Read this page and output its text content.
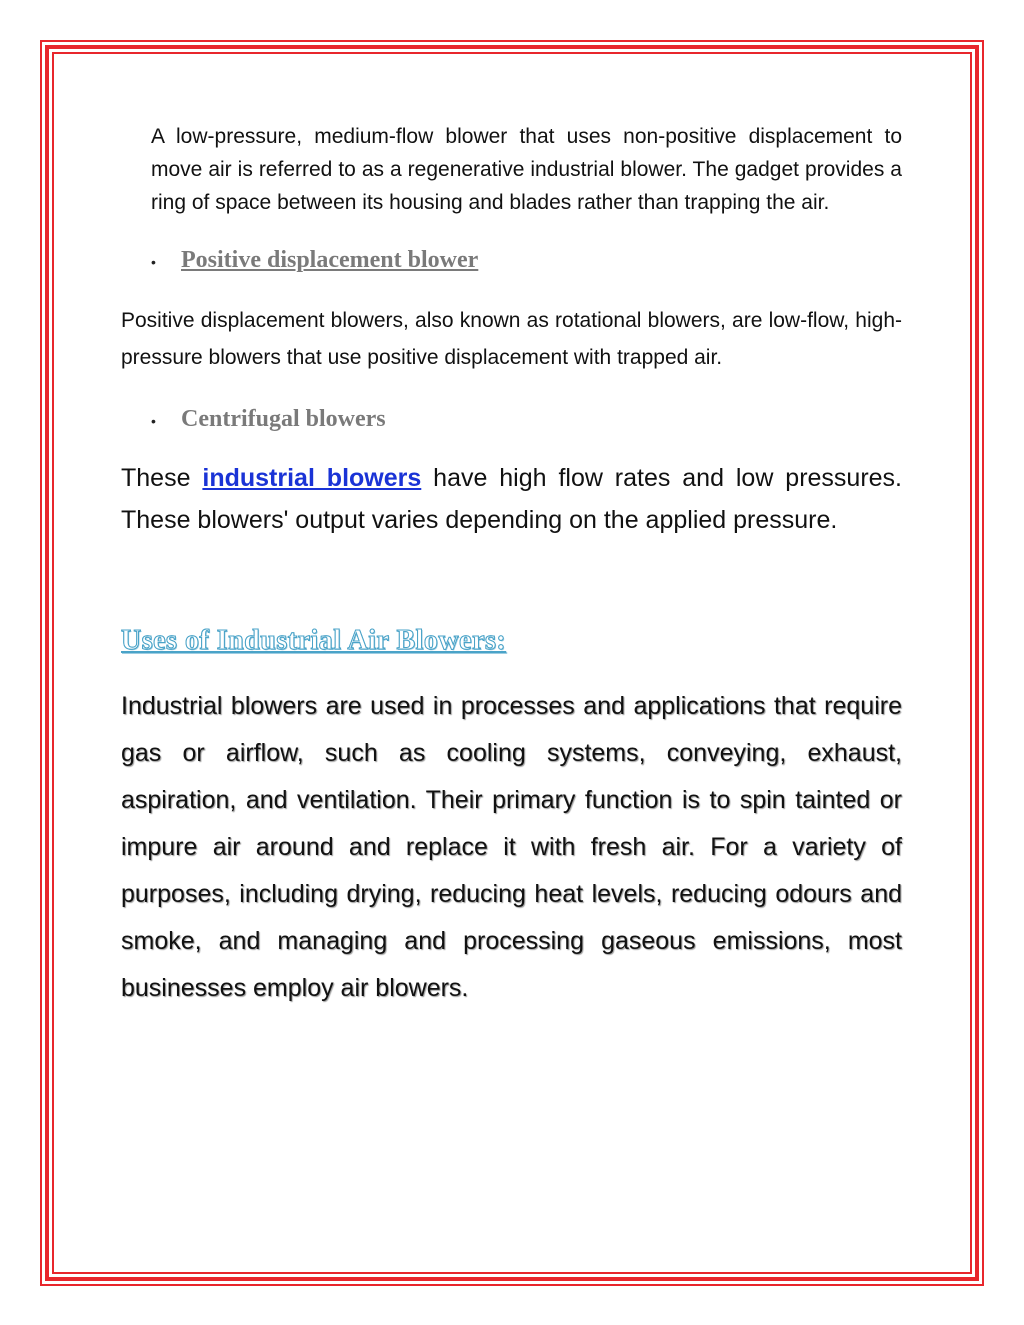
A low-pressure, medium-flow blower that uses non-positive displacement to move air is referred to as a regenerative industrial blower. The gadget provides a ring of space between its housing and blades rather than trapping the air.

•	Positive displacement blower

Positive displacement blowers, also known as rotational blowers, are low-flow, high-pressure blowers that use positive displacement with trapped air.

•	Centrifugal blowers

These industrial blowers have high flow rates and low pressures. These blowers' output varies depending on the applied pressure.

Uses of Industrial Air Blowers:

Industrial blowers are used in processes and applications that require gas or airflow, such as cooling systems, conveying, exhaust, aspiration, and ventilation. Their primary function is to spin tainted or impure air around and replace it with fresh air. For a variety of purposes, including drying, reducing heat levels, reducing odours and smoke, and managing and processing gaseous emissions, most businesses employ air blowers.
